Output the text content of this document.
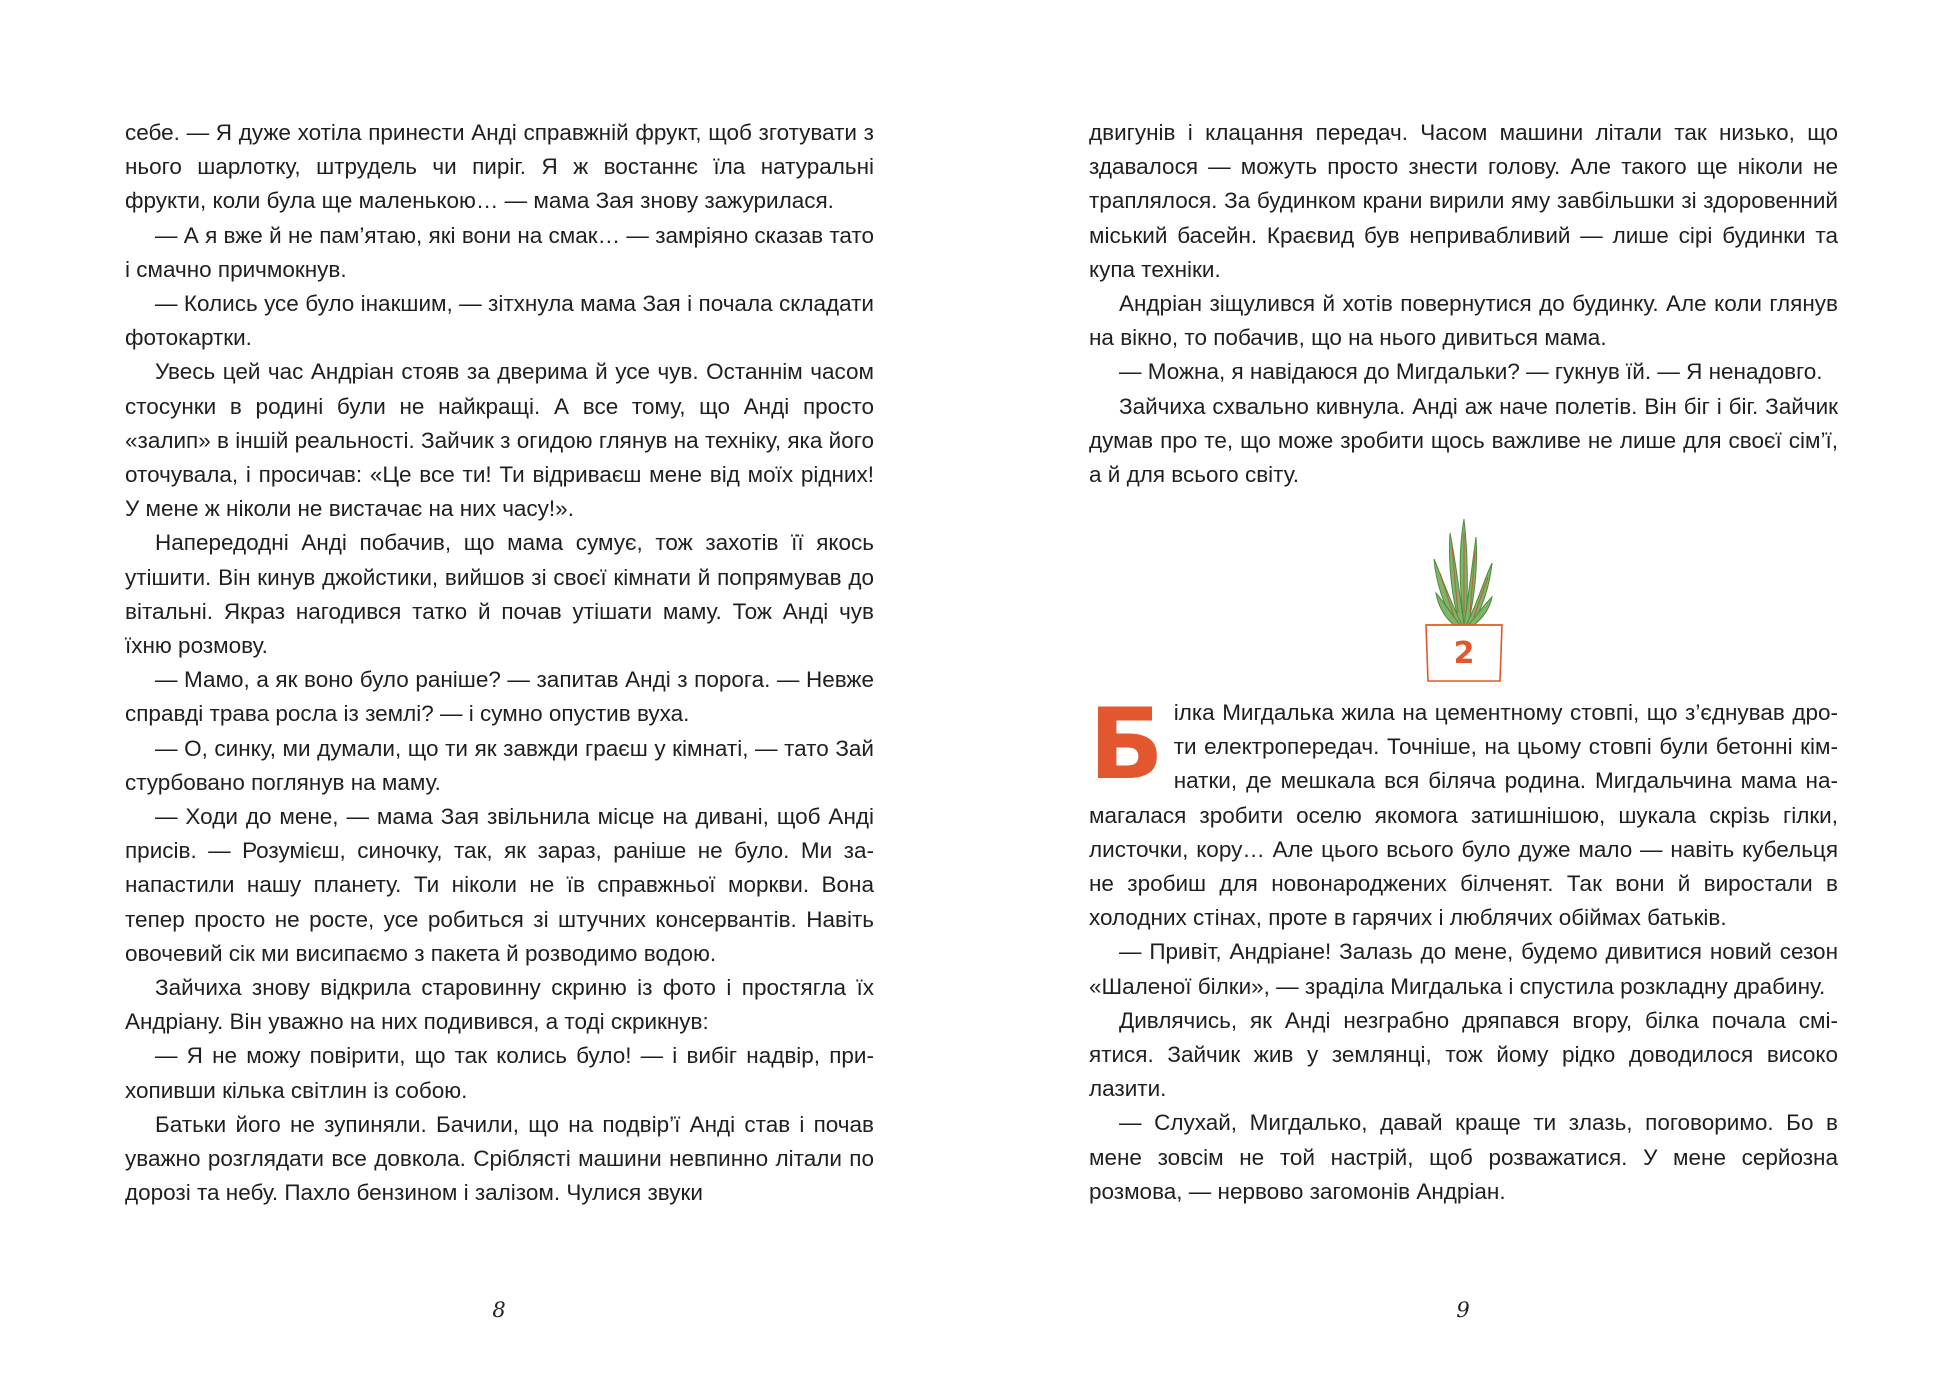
себе. — Я дуже хотіла принести Анді справжній фрукт, щоб зготувати з нього шарлотку, штрудель чи пиріг. Я ж востаннє їла натуральні фрукти, коли була ще маленькою… — мама Зая знову зажурилася.

— А я вже й не пам’ятаю, які вони на смак… — замріяно сказав тато і смачно причмокнув.

— Колись усе було інакшим, — зітхнула мама Зая і почала складати фотокартки.

Увесь цей час Андріан стояв за дверима й усе чув. Останнім часом стосунки в родині були не найкращі. А все тому, що Анді просто «залип» в іншій реальності. Зайчик з огидою глянув на техніку, яка його оточувала, і просичав: «Це все ти! Ти відриваєш мене від моїх рідних! У мене ж ніколи не вистачає на них часу!».

Напередодні Анді побачив, що мама сумує, тож захотів її якось утішити. Він кинув джойстики, вийшов зі своєї кімнати й попрямував до вітальні. Якраз нагодився татко й почав утішати маму. Тож Анді чув їхню розмову.

— Мамо, а як воно було раніше? — запитав Анді з порога. — Невже справді трава росла із землі? — і сумно опустив вуха.

— О, синку, ми думали, що ти як завжди граєш у кімнаті, — тато Зай стурбовано поглянув на маму.

— Ходи до мене, — мама Зая звільнила місце на дивані, щоб Анді присів. — Розумієш, синочку, так, як зараз, раніше не було. Ми занапастили нашу планету. Ти ніколи не їв справжньої моркви. Вона тепер просто не росте, усе робиться зі штучних консервантів. Навіть овочевий сік ми висипаємо з пакета й розводимо водою.

Зайчиха знову відкрила старовинну скриню із фото і простягла їх Андріану. Він уважно на них подивився, а тоді скрикнув:

— Я не можу повірити, що так колись було! — і вибіг надвір, прихопивши кілька світлин із собою.

Батьки його не зупиняли. Бачили, що на подвір’ї Анді став і почав уважно розглядати все довкола. Сріблясті машини невпинно літали по дорозі та небу. Пахло бензином і залізом. Чулися звуки

8

двигунів і клацання передач. Часом машини літали так низько, що здавалося — можуть просто знести голову. Але такого ще ніколи не траплялося. За будинком крани вирили яму завбільшки зі здоровенний міський басейн. Краєвид був непривабливий — лише сірі будинки та купа техніки.

Андріан зіщулився й хотів повернутися до будинку. Але коли глянув на вікно, то побачив, що на нього дивиться мама.

— Можна, я навідаюся до Мигдальки? — гукнув їй. — Я ненадовго.

Зайчиха схвально кивнула. Анді аж наче полетів. Він біг і біг. Зайчик думав про те, що може зробити щось важливе не лише для своєї сім’ї, а й для всього світу.

2

Білка Мигдалька жила на цементному стовпі, що з’єднував дроти електропередач. Точніше, на цьому стовпі були бетонні кімнатки, де мешкала вся біляча родина. Мигдальчина мама намагалася зробити оселю якомога затишнішою, шукала скрізь гілки, листочки, кору… Але цього всього було дуже мало — навіть кубельця не зробиш для новонароджених білченят. Так вони й виростали в холодних стінах, проте в гарячих і люблячих обіймах батьків.

— Привіт, Андріане! Залазь до мене, будемо дивитися новий сезон «Шаленої білки», — зраділа Мигдалька і спустила розкладну драбину.

Дивлячись, як Анді незграбно дряпався вгору, білка почала сміятися. Зайчик жив у землянці, тож йому рідко доводилося високо лазити.

— Слухай, Мигдалько, давай краще ти злазь, поговоримо. Бо в мене зовсім не той настрій, щоб розважатися. У мене серйозна розмова, — нервово загомонів Андріан.

9
